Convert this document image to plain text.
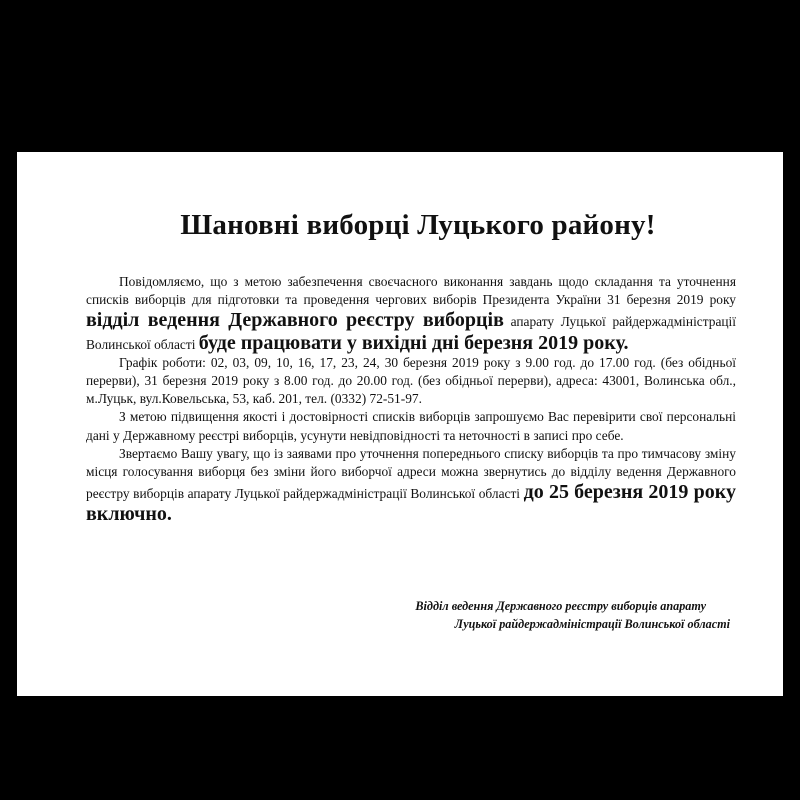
Шановні виборці Луцького району!

Повідомляємо, що з метою забезпечення своєчасного виконання завдань щодо складання та уточнення списків виборців для підготовки та проведення чергових виборів Президента України 31 березня 2019 року відділ ведення Державного реєстру виборців апарату Луцької райдержадміністрації Волинської області буде працювати у вихідні дні березня 2019 року.

Графік роботи: 02, 03, 09, 10, 16, 17, 23, 24, 30 березня 2019 року з 9.00 год. до 17.00 год. (без обідньої перерви), 31 березня 2019 року з 8.00 год. до 20.00 год. (без обідньої перерви), адреса: 43001, Волинська обл., м.Луцьк, вул.Ковельська, 53, каб. 201, тел. (0332) 72-51-97.

З метою підвищення якості і достовірності списків виборців запрошуємо Вас перевірити свої персональні дані у Державному реєстрі виборців, усунути невідповідності та неточності в записі про себе.

Звертаємо Вашу увагу, що із заявами про уточнення попереднього списку виборців та про тимчасову зміну місця голосування виборця без зміни його виборчої адреси можна звернутись до відділу ведення Державного реєстру виборців апарату Луцької райдержадміністрації Волинської області до 25 березня 2019 року включно.

Відділ ведення Державного реєстру виборців апарату
Луцької райдержадміністрації Волинської області
